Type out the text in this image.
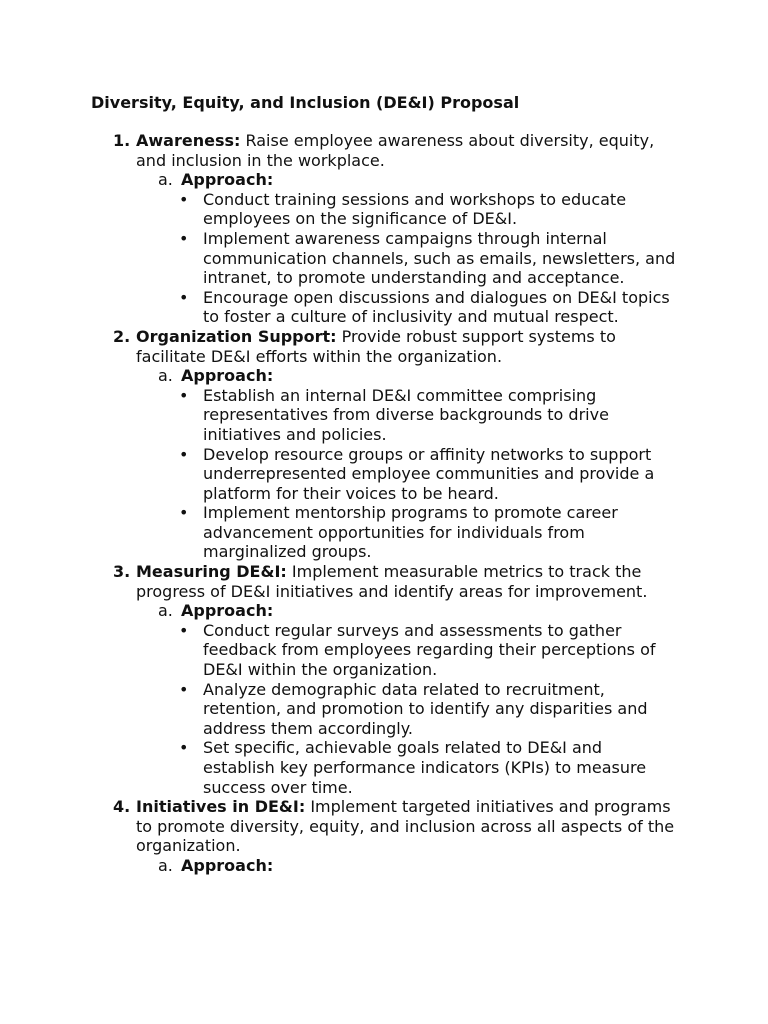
Diversity, Equity, and Inclusion (DE&I) Proposal
1. Awareness: Raise employee awareness about diversity, equity, and inclusion in the workplace.

a. Approach:
• Conduct training sessions and workshops to educate employees on the significance of DE&I.
• Implement awareness campaigns through internal communication channels, such as emails, newsletters, and intranet, to promote understanding and acceptance.
• Encourage open discussions and dialogues on DE&I topics to foster a culture of inclusivity and mutual respect.
2. Organization Support: Provide robust support systems to facilitate DE&I efforts within the organization.

a. Approach:
• Establish an internal DE&I committee comprising representatives from diverse backgrounds to drive initiatives and policies.
• Develop resource groups or affinity networks to support underrepresented employee communities and provide a platform for their voices to be heard.
• Implement mentorship programs to promote career advancement opportunities for individuals from marginalized groups.
3. Measuring DE&I: Implement measurable metrics to track the progress of DE&I initiatives and identify areas for improvement.

a. Approach:
• Conduct regular surveys and assessments to gather feedback from employees regarding their perceptions of DE&I within the organization.
• Analyze demographic data related to recruitment, retention, and promotion to identify any disparities and address them accordingly.
• Set specific, achievable goals related to DE&I and establish key performance indicators (KPIs) to measure success over time.
4. Initiatives in DE&I: Implement targeted initiatives and programs to promote diversity, equity, and inclusion across all aspects of the organization.

a. Approach:
